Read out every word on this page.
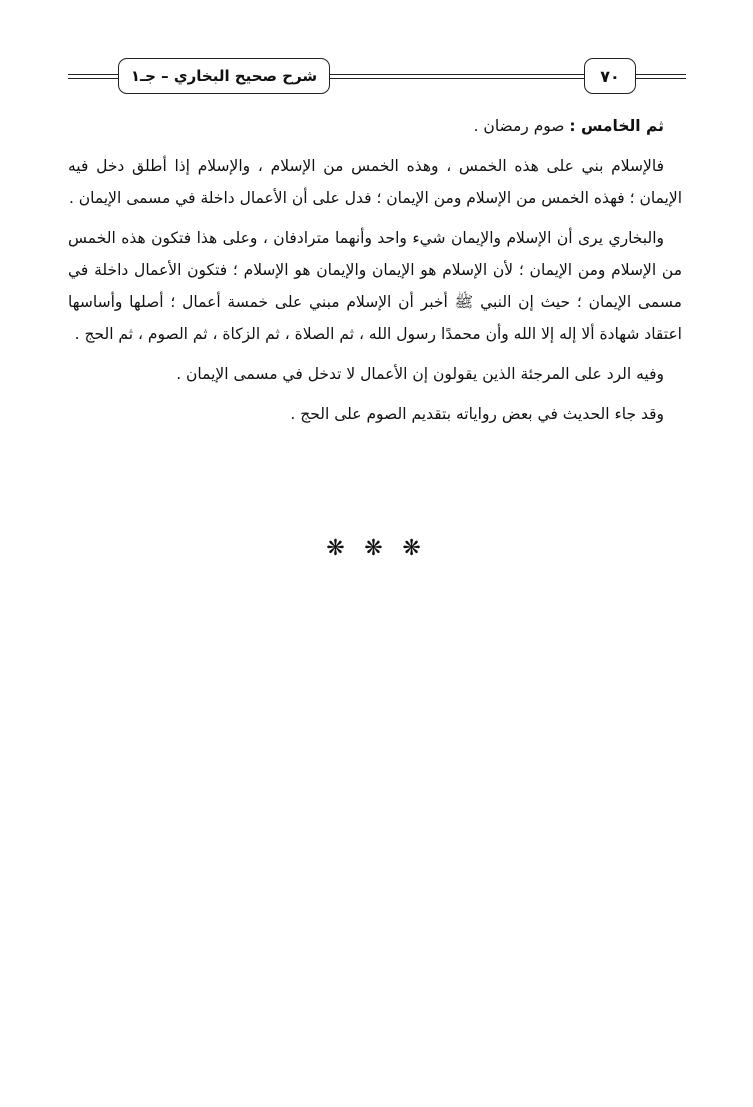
٧٠
شرح صحيح البخاري – جـ١

ثم الخامس : صوم رمضان .

فالإسلام بني على هذه الخمس ، وهذه الخمس من الإسلام ، والإسلام إذا أطلق دخل فيه الإيمان ؛ فهذه الخمس من الإسلام ومن الإيمان ؛ فدل على أن الأعمال داخلة في مسمى الإيمان .

والبخاري يرى أن الإسلام والإيمان شيء واحد وأنهما مترادفان ، وعلى هذا فتكون هذه الخمس من الإسلام ومن الإيمان ؛ لأن الإسلام هو الإيمان والإيمان هو الإسلام ؛ فتكون الأعمال داخلة في مسمى الإيمان ؛ حيث إن النبي ﷺ أخبر أن الإسلام مبني على خمسة أعمال ؛ أصلها وأساسها اعتقاد شهادة ألا إله إلا الله وأن محمدًا رسول الله ، ثم الصلاة ، ثم الزكاة ، ثم الصوم ، ثم الحج .

وفيه الرد على المرجئة الذين يقولون إن الأعمال لا تدخل في مسمى الإيمان .

وقد جاء الحديث في بعض رواياته بتقديم الصوم على الحج .

❋ ❋ ❋
